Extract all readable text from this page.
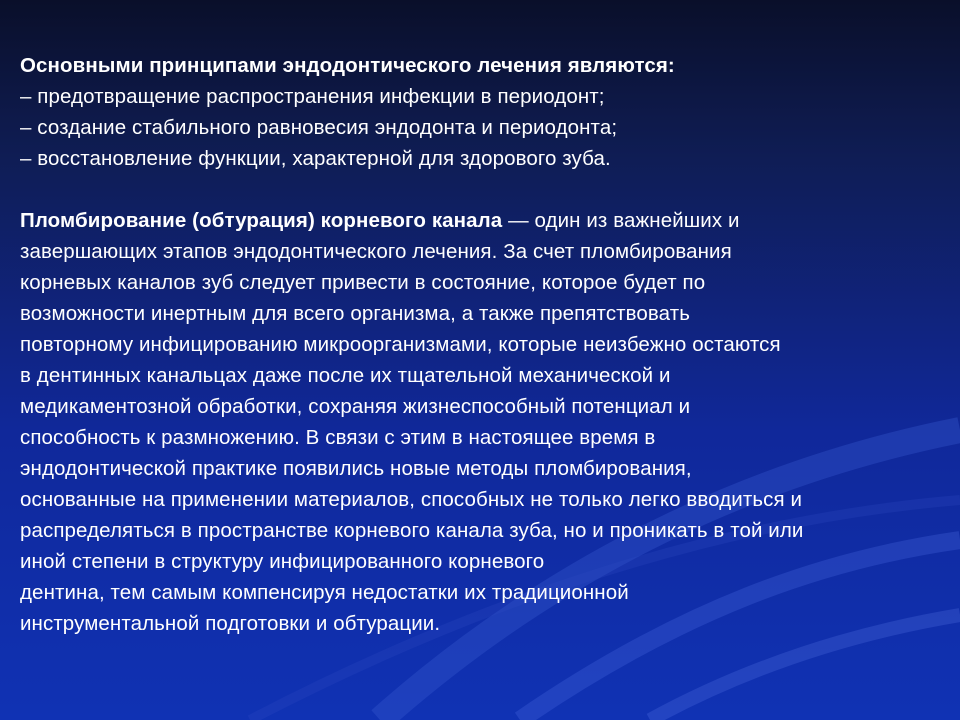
Основными принципами эндодонтического лечения являются:
‒ предотвращение распространения инфекции в периодонт;
‒ создание стабильного равновесия эндодонта и периодонта;
‒ восстановление функции, характерной для здорового зуба.
Пломбирование (обтурация) корневого канала — один из важнейших и
завершающих этапов эндодонтического лечения. За счет пломбирования
корневых каналов зуб следует привести в состояние, которое будет по
возможности инертным для всего организма, а также препятствовать
повторному инфицированию микроорганизмами, которые неизбежно остаются
в дентинных канальцах даже после их тщательной механической и
медикаментозной обработки, сохраняя жизнеспособный потенциал и
способность к размножению. В связи с этим в настоящее время в
эндодонтической практике появились новые методы пломбирования,
основанные на применении материалов, способных не только легко вводиться и
распределяться в пространстве корневого канала зуба, но и проникать в той или
иной степени в структуру инфицированного корневого
дентина, тем самым компенсируя недостатки их традиционной
инструментальной подготовки и обтурации.
